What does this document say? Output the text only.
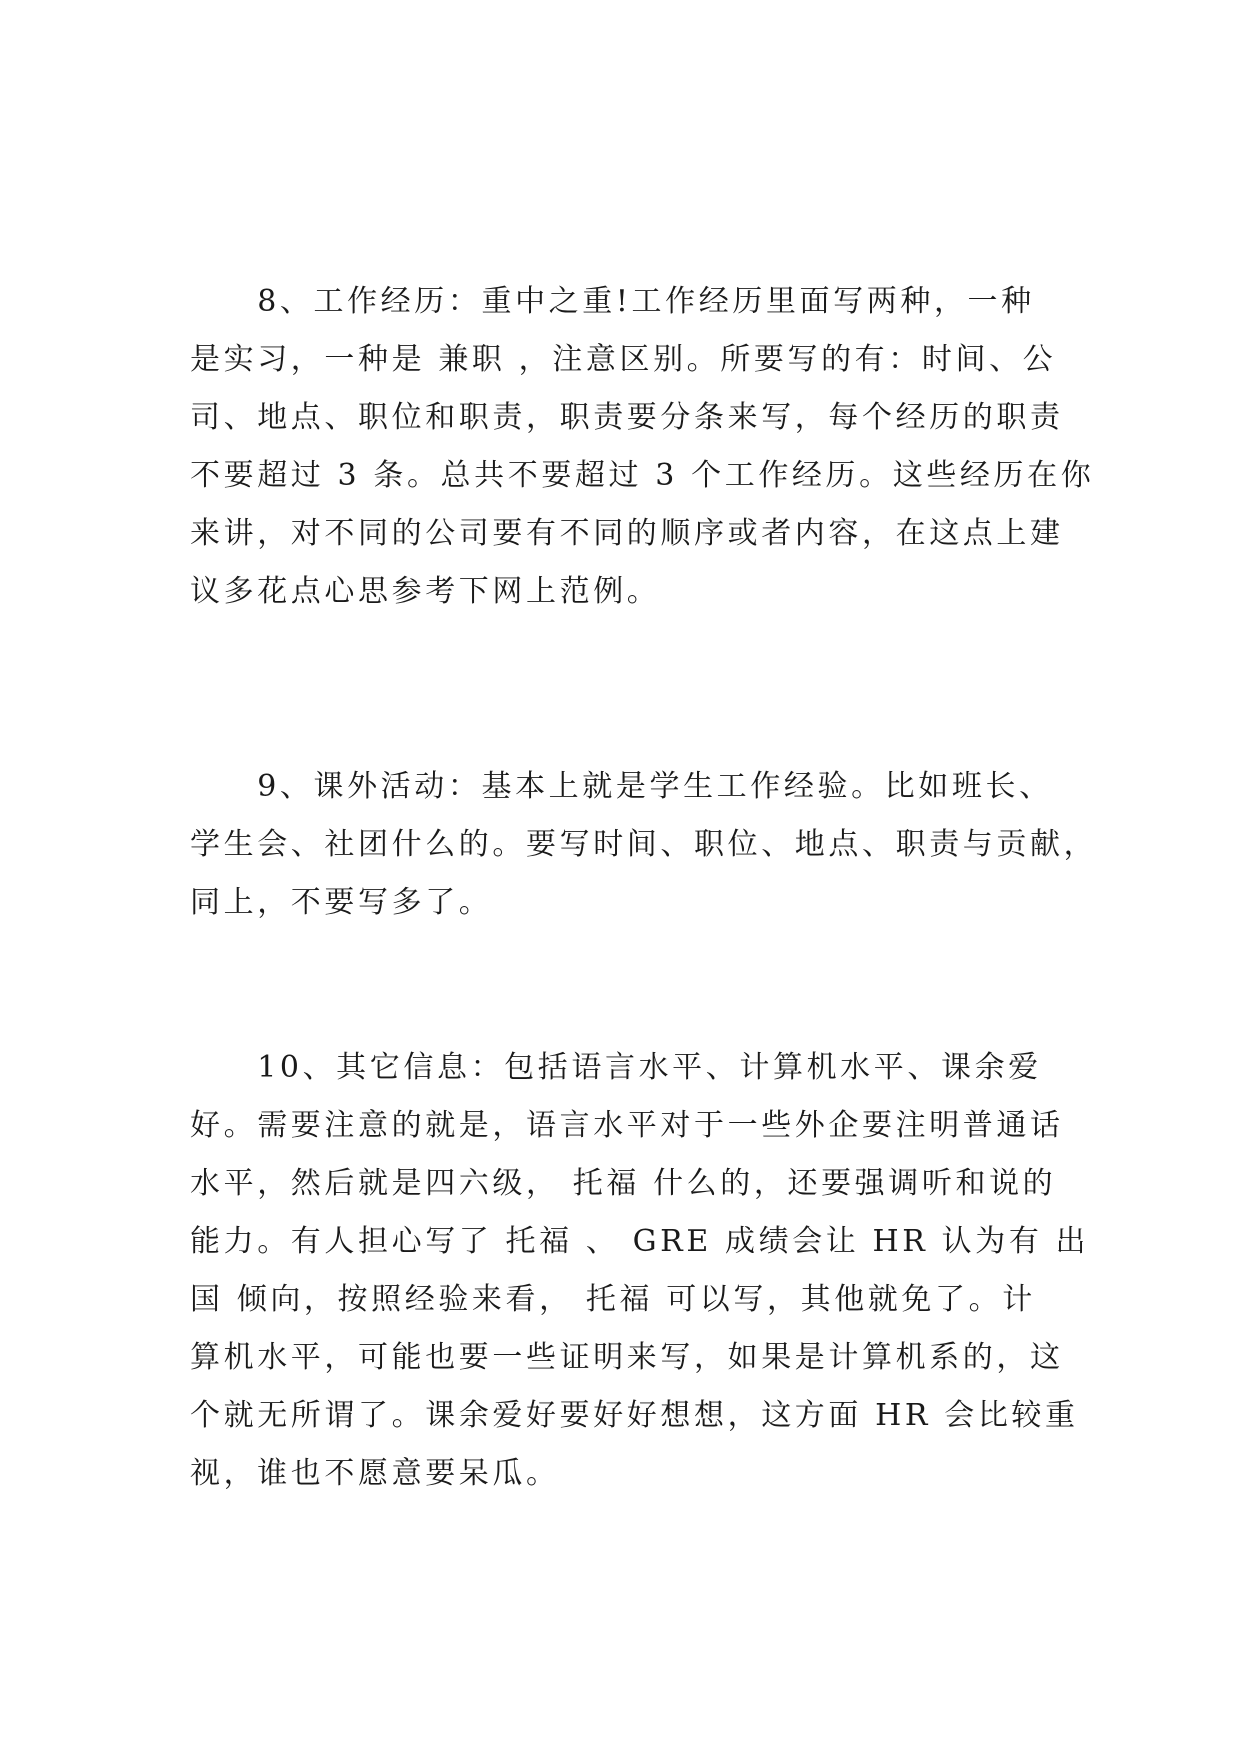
　　8、工作经历：重中之重!工作经历里面写两种，一种
是实习，一种是 兼职 ，注意区别。所要写的有：时间、公
司、地点、职位和职责，职责要分条来写，每个经历的职责
不要超过 3 条。总共不要超过 3 个工作经历。这些经历在你
来讲，对不同的公司要有不同的顺序或者内容，在这点上建
议多花点心思参考下网上范例。
　　9、课外活动：基本上就是学生工作经验。比如班长、
学生会、社团什么的。要写时间、职位、地点、职责与贡献，
同上，不要写多了。
　　10、其它信息：包括语言水平、计算机水平、课余爱
好。需要注意的就是，语言水平对于一些外企要注明普通话
水平，然后就是四六级， 托福 什么的，还要强调听和说的
能力。有人担心写了 托福 、 GRE 成绩会让 HR 认为有 出
国 倾向，按照经验来看， 托福 可以写，其他就免了。计
算机水平，可能也要一些证明来写，如果是计算机系的，这
个就无所谓了。课余爱好要好好想想，这方面 HR 会比较重
视，谁也不愿意要呆瓜。
